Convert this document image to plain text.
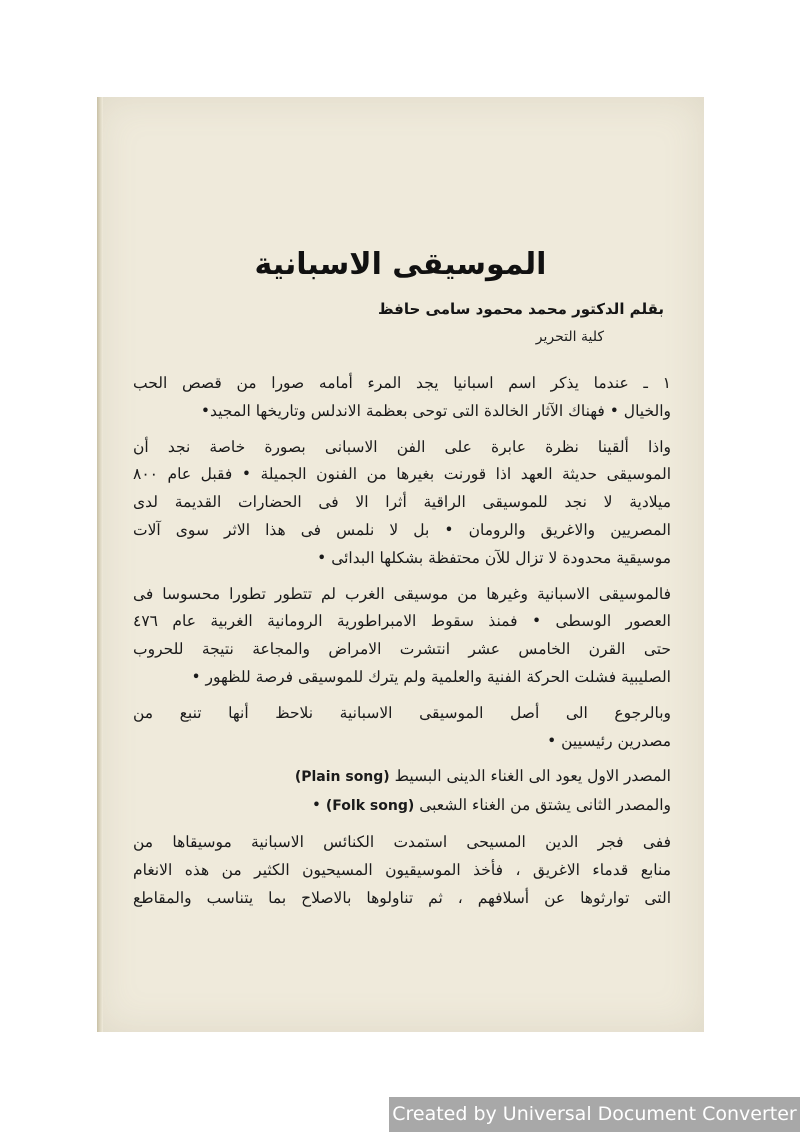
الموسيقى الاسبانية
بقلم الدكتور محمد محمود سامى حافظ
كلية التحرير
١ ـ عندما يذكر اسم اسبانيا يجد المرء أمامه صورا من قصص الحب
والخيال • فهناك الآثار الخالدة التى توحى بعظمة الاندلس وتاريخها المجيد•
واذا ألقينا نظرة عابرة على الفن الاسبانى بصورة خاصة نجد أن
الموسيقى حديثة العهد اذا قورنت بغيرها من الفنون الجميلة • فقبل عام ٨٠٠
ميلادية لا نجد للموسيقى الراقية أثرا الا فى الحضارات القديمة لدى
المصريين والاغريق والرومان • بل لا نلمس فى هذا الاثر سوى آلات
موسيقية محدودة لا تزال للآن محتفظة بشكلها البدائى •
فالموسيقى الاسبانية وغيرها من موسيقى الغرب لم تتطور تطورا محسوسا فى
العصور الوسطى • فمنذ سقوط الامبراطورية الرومانية الغربية عام ٤٧٦
حتى القرن الخامس عشر انتشرت الامراض والمجاعة نتيجة للحروب
الصليبية فشلت الحركة الفنية والعلمية ولم يترك للموسيقى فرصة للظهور •
وبالرجوع الى أصل الموسيقى الاسبانية نلاحظ أنها تنبع من
مصدرين رئيسيين •
المصدر الاول يعود الى الغناء الدينى البسيط (Plain song)
والمصدر الثانى يشتق من الغناء الشعبى (Folk song) •
ففى فجر الدين المسيحى استمدت الكنائس الاسبانية موسيقاها من
منابع قدماء الاغريق ، فأخذ الموسيقيون المسيحيون الكثير من هذه الانغام
التى توارثوها عن أسلافهم ، ثم تناولوها بالاصلاح بما يتناسب والمقاطع
Created by Universal Document Converter
